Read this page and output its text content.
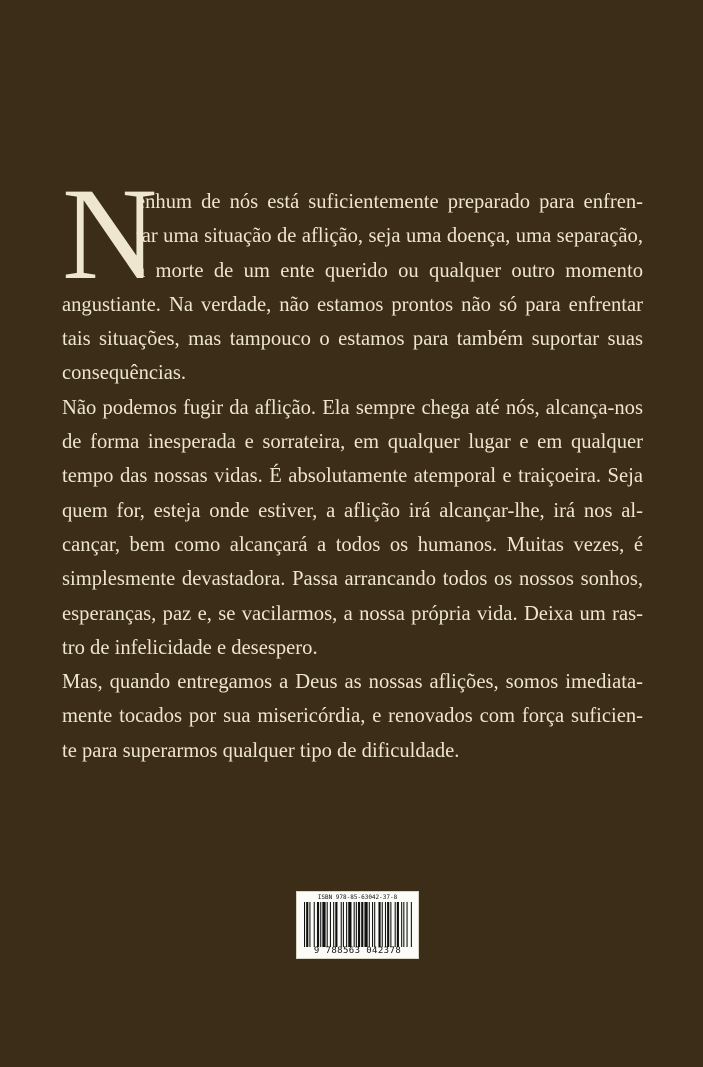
N
enhum de nós está suficientemente preparado para enfren-
tar uma situação de aflição, seja uma doença, uma separação,
a morte de um ente querido ou qualquer outro momento
angustiante. Na verdade, não estamos prontos não só para enfrentar
tais situações, mas tampouco o estamos para também suportar suas
consequências.
Não podemos fugir da aflição. Ela sempre chega até nós, alcança-nos
de forma inesperada e sorrateira, em qualquer lugar e em qualquer
tempo das nossas vidas. É absolutamente atemporal e traiçoeira. Seja
quem for, esteja onde estiver, a aflição irá alcançar-lhe, irá nos al-
cançar, bem como alcançará a todos os humanos. Muitas vezes, é
simplesmente devastadora. Passa arrancando todos os nossos sonhos,
esperanças, paz e, se vacilarmos, a nossa própria vida. Deixa um ras-
tro de infelicidade e desespero.
Mas, quando entregamos a Deus as nossas aflições, somos imediata-
mente tocados por sua misericórdia, e renovados com força suficien-
te para superarmos qualquer tipo de dificuldade.
ISBN 978-85-63042-37-8
9 788563 042378
